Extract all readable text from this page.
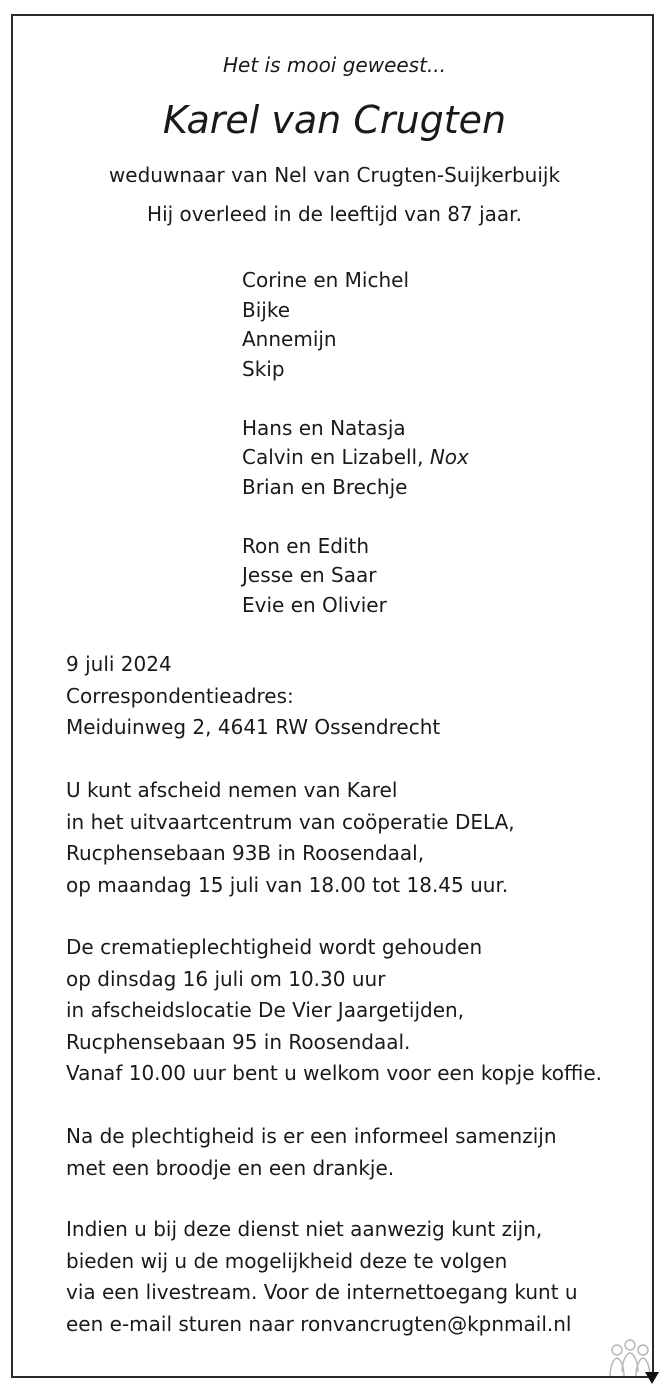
Het is mooi geweest...
Karel van Crugten
weduwnaar van Nel van Crugten-Suijkerbuijk
Hij overleed in de leeftijd van 87 jaar.
Corine en Michel
Bijke
Annemijn
Skip
Hans en Natasja
Calvin en Lizabell, Nox
Brian en Brechje
Ron en Edith
Jesse en Saar
Evie en Olivier
9 juli 2024
Correspondentieadres:
Meiduinweg 2, 4641 RW Ossendrecht
U kunt afscheid nemen van Karel
in het uitvaartcentrum van coöperatie DELA,
Rucphensebaan 93B in Roosendaal,
op maandag 15 juli van 18.00 tot 18.45 uur.
De crematieplechtigheid wordt gehouden
op dinsdag 16 juli om 10.30 uur
in afscheidslocatie De Vier Jaargetijden,
Rucphensebaan 95 in Roosendaal.
Vanaf 10.00 uur bent u welkom voor een kopje koffie.
Na de plechtigheid is er een informeel samenzijn
met een broodje en een drankje.
Indien u bij deze dienst niet aanwezig kunt zijn,
bieden wij u de mogelijkheid deze te volgen
via een livestream. Voor de internettoegang kunt u
een e-mail sturen naar ronvancrugten@kpnmail.nl
